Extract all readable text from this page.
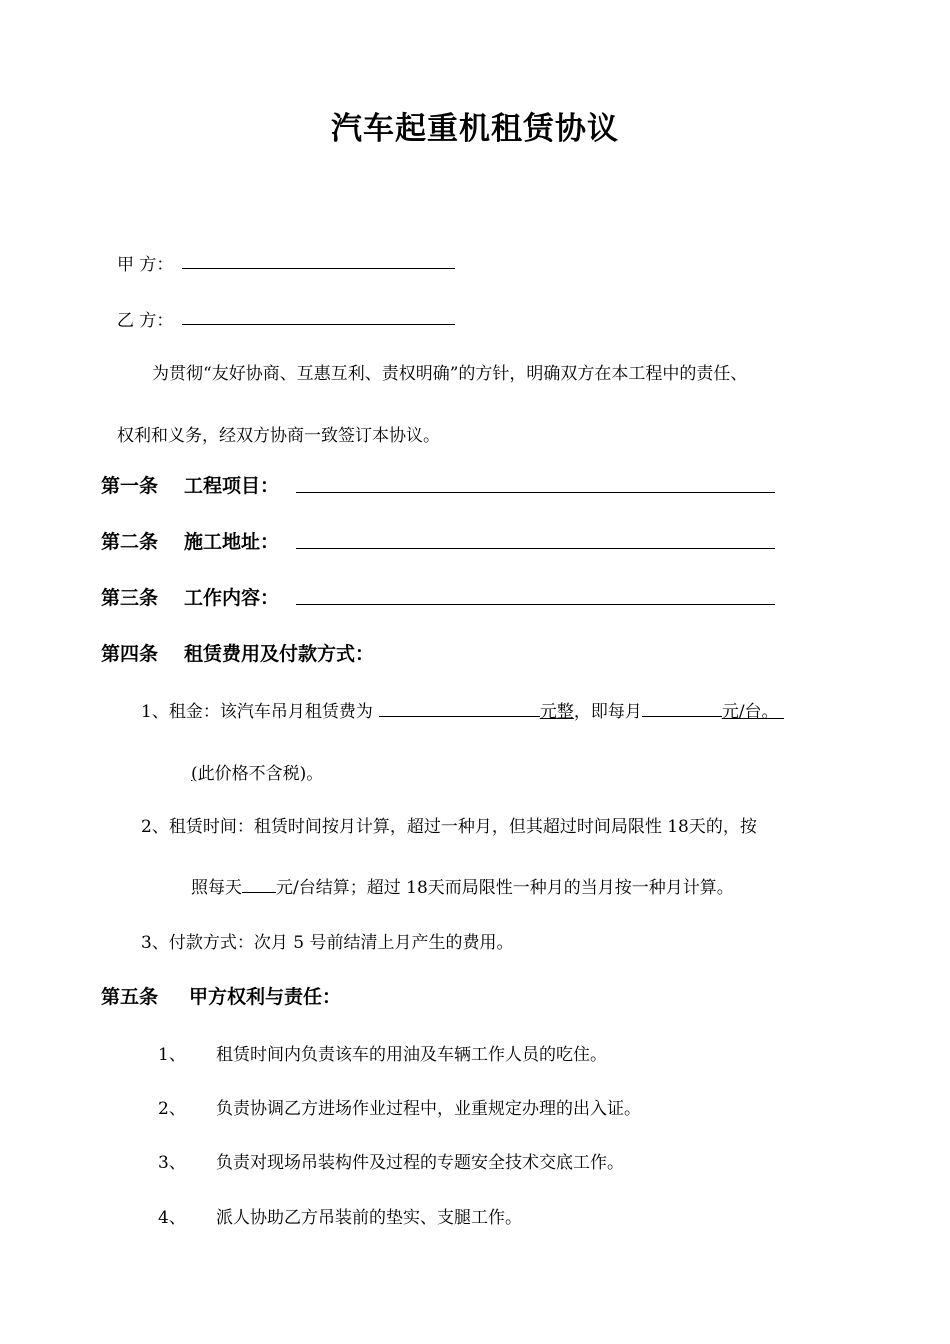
汽车起重机租赁协议
甲 方：
乙 方：
为贯彻“友好协商、互惠互利、责权明确”的方针，明确双方在本工程中的责任、
权利和义务，经双方协商一致签订本协议。
第一条 工程项目：
第二条 施工地址：
第三条 工作内容：
第四条 租赁费用及付款方式：
1、租金：该汽车吊月租赁费为	元整，即每月	元/台。
(此价格不含税)。
2、租赁时间：租赁时间按月计算，超过一种月，但其超过时间局限性 18天的，按
照每天 元/台结算；超过 18天而局限性一种月的当月按一种月计算。
3、付款方式：次月 5 号前结清上月产生的费用。
第五条 甲方权利与责任：
1、 租赁时间内负责该车的用油及车辆工作人员的吃住。
2、 负责协调乙方进场作业过程中，业重规定办理的出入证。
3、 负责对现场吊装构件及过程的专题安全技术交底工作。
4、 派人协助乙方吊装前的垫实、支腿工作。
